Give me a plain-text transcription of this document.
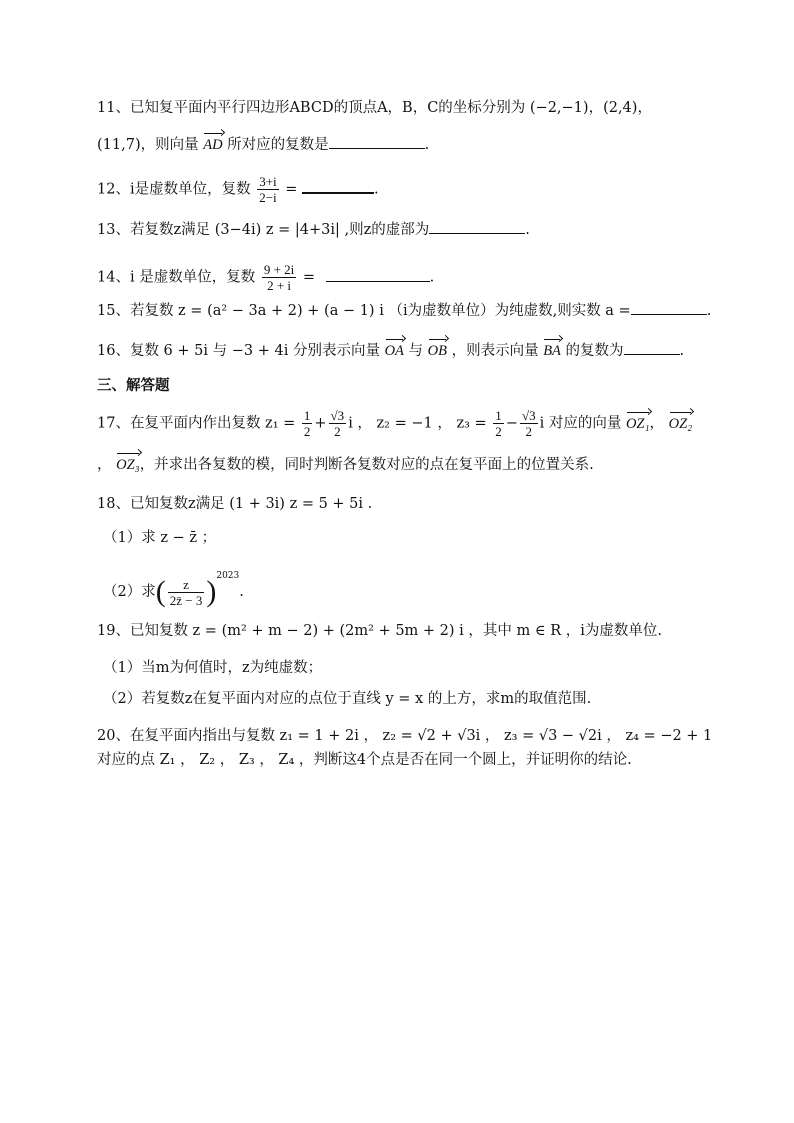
11、已知复平面内平行四边形ABCD的顶点A，B，C的坐标分别为 (−2,−1)，(2,4)，
(11,7)，则向量 AD 所对应的复数是	.
12、i是虚数单位，复数 $\frac{3+i}{2-i}$ =	.
13、若复数z满足 (3−4i) z = |4+3i| ,则z的虚部为	.
14、i 是虚数单位，复数 $\frac{9 + 2i}{2 + i}$ =	.
15、若复数 z = (a² − 3a + 2) + (a − 1) i （i为虚数单位）为纯虚数,则实数 a =	.
16、复数 6 + 5i 与 −3 + 4i 分别表示向量 OA 与 OB ，则表示向量 BA 的复数为	.
三、解答题
17、在复平面内作出复数 $z_1 = \frac{1}{2} + \frac{√3}{2}$ i ， z₂ = −1 ， $z_3 = \frac{1}{2} - \frac{√3}{2}$ i 对应的向量 OZ₁， OZ₂
， OZ₃，并求出各复数的模，同时判断各复数对应的点在复平面上的位置关系.
18、已知复数z满足 (1 + 3i) z = 5 + 5i .
（1）求 z − z̄ ；
（2）求( $\frac{z}{2z̄ - 3} )^{2023}$.
19、已知复数 z = (m² + m − 2) + (2m² + 5m + 2) i ，其中 m ∈ R ，i为虚数单位.
（1）当m为何值时，z为纯虚数；
（2）若复数z在复平面内对应的点位于直线 y = x 的上方，求m的取值范围.
20、在复平面内指出与复数 z₁ = 1 + 2i ， z₂ = √2 + √3i ， z₃ = √3 − √2i ， z₄ = −2 + 1
对应的点 Z₁ ， Z₂ ， Z₃ ， Z₄ ，判断这4个点是否在同一个圆上，并证明你的结论.
